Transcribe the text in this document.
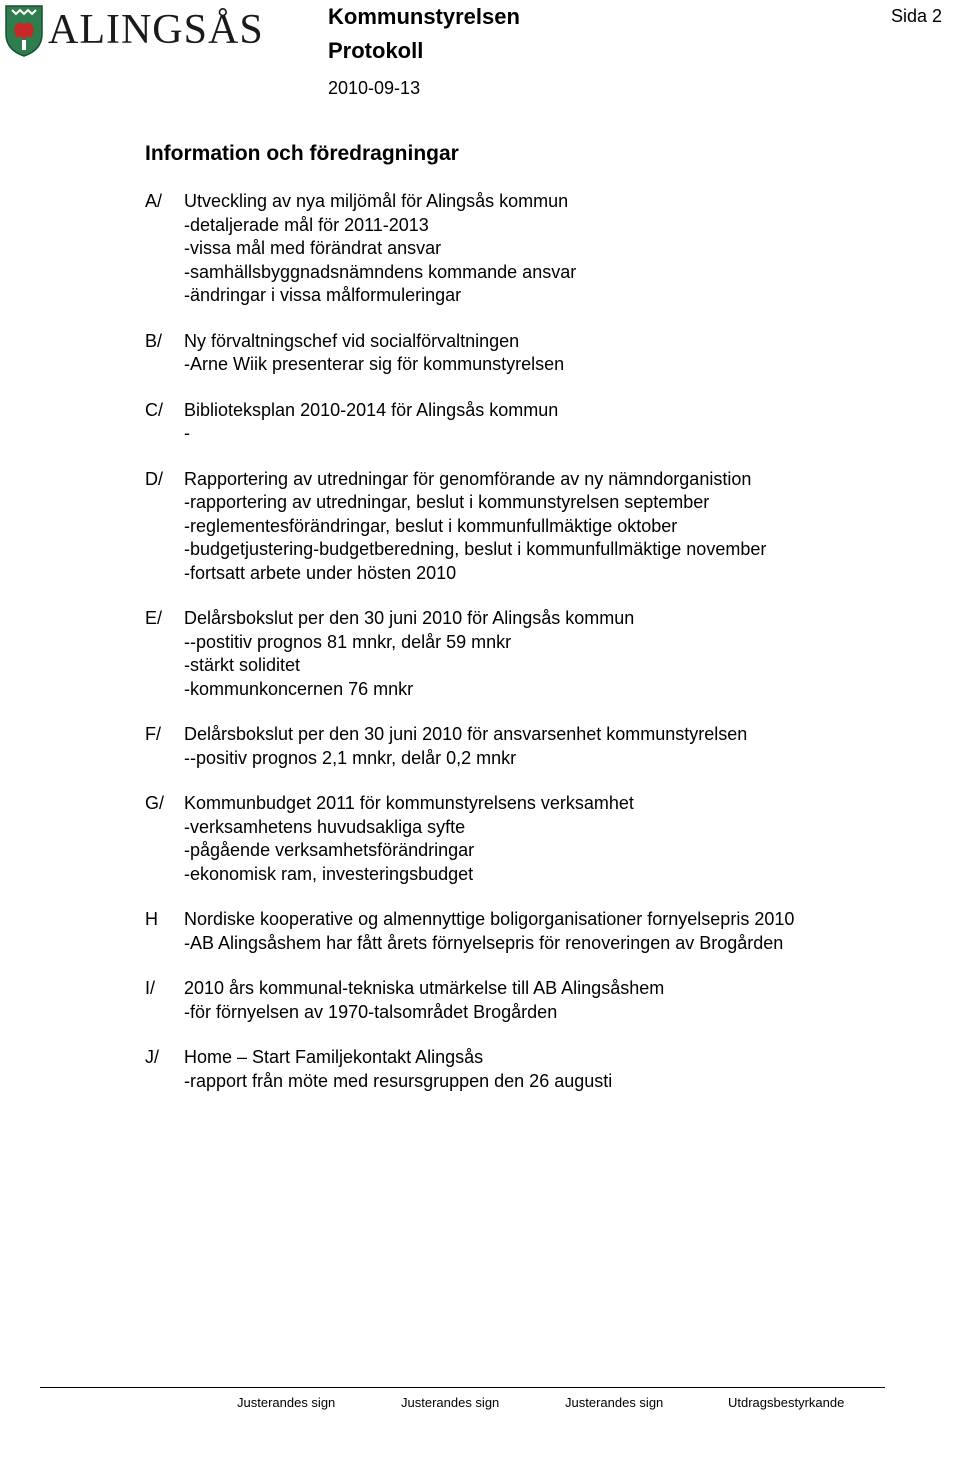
ALINGSÅS	Kommunstyrelsen
Protokoll
2010-09-13
Sida 2
Information och föredragningar
A/	Utveckling av nya miljömål för Alingsås kommun
-detaljerade mål för 2011-2013
-vissa mål med förändrat ansvar
-samhällsbyggnadsnämndens kommande ansvar
-ändringar i vissa målformuleringar
B/	Ny förvaltningschef vid socialförvaltningen
-Arne Wiik presenterar sig för kommunstyrelsen
C/	Biblioteksplan 2010-2014 för Alingsås kommun
-
D/	Rapportering av utredningar för genomförande av ny nämndorganistion
-rapportering av utredningar, beslut i kommunstyrelsen september
-reglementesförändringar, beslut i kommunfullmäktige oktober
-budgetjustering-budgetberedning, beslut i kommunfullmäktige november
-fortsatt arbete under hösten 2010
E/	Delårsbokslut per den 30 juni 2010 för Alingsås kommun
--postitiv prognos 81 mnkr, delår 59 mnkr
-stärkt soliditet
-kommunkoncernen 76 mnkr
F/	Delårsbokslut per den 30 juni 2010 för ansvarsenhet kommunstyrelsen
--positiv prognos 2,1 mnkr, delår 0,2 mnkr
G/	Kommunbudget 2011 för kommunstyrelsens verksamhet
-verksamhetens huvudsakliga syfte
-pågående verksamhetsförändringar
-ekonomisk ram, investeringsbudget
H	Nordiske kooperative og almennyttige boligorganisationer fornyelsepris 2010
-AB Alingsåshem har fått årets förnyelsepris för renoveringen av Brogården
I/	2010 års kommunal-tekniska utmärkelse till AB Alingsåshem
-för förnyelsen av 1970-talsområdet Brogården
J/	Home – Start Familjekontakt Alingsås
-rapport från möte med resursgruppen den 26 augusti
Justerandes sign	Justerandes sign	Justerandes sign	Utdragsbestyrkande
